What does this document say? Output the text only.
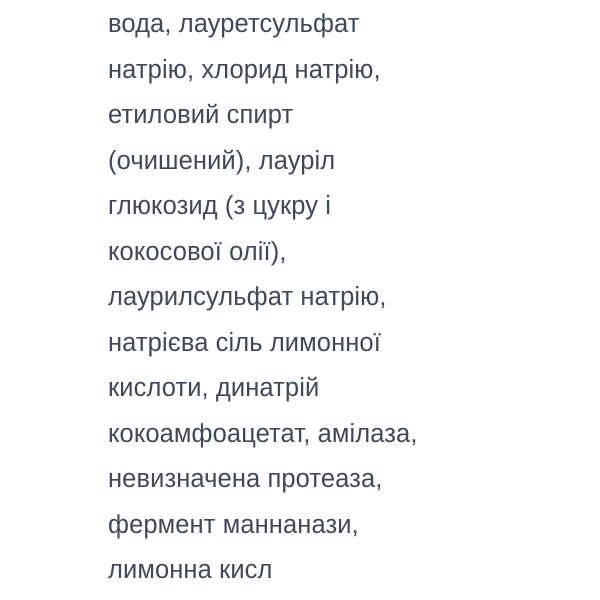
вода, лауретсульфат

натрію, хлорид натрію,

етиловий спирт

(очишений), лауріл

глюкозид (з цукру і

кокосової олії),

лаурилсульфат натрію,

натрієва сіль лимонної

кислоти, динатрій

кокоамфоацетат, амілаза,

невизначена протеаза,

фермент маннанази,

лимонна кисл
